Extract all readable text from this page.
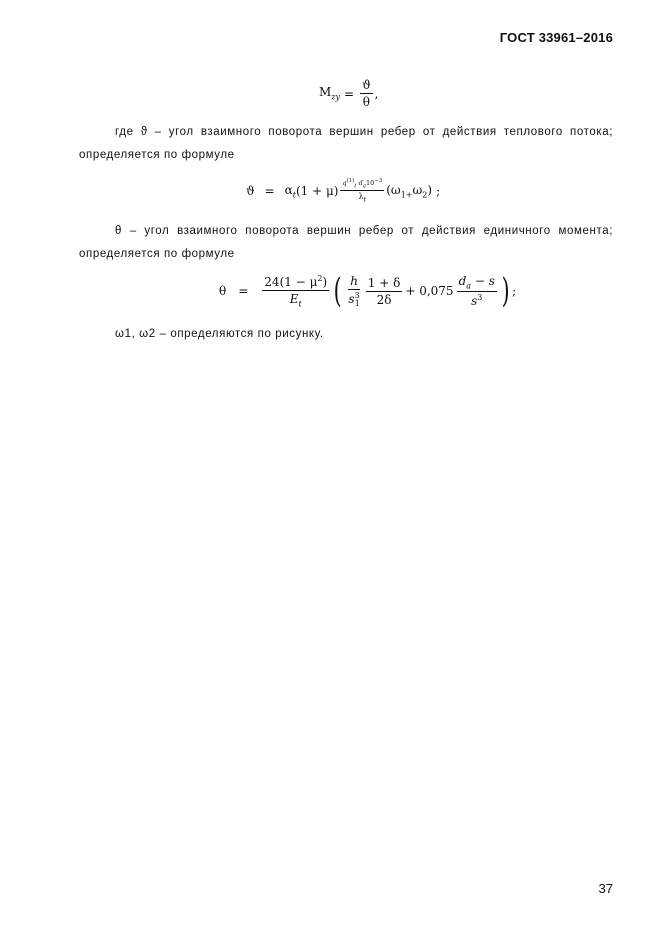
ГОСТ 33961–2016
$M_{zy} = \frac{ϑ}{\theta}$ ,
где ϑ – угол взаимного поворота вершин ребер от действия теплового потока; определяется по формуле
$ϑ = \alpha_t$ $(1 + \mu) \frac{q^{(1)}_t d_a10^{-3}}{\lambda_t} (\omega_{1+}\omega_2)$ ;
θ – угол взаимного поворота вершин ребер от действия единичного момента; определяется по формуле
$\theta = \frac{24(1 - \mu^2)}{E_t}$ ( $\frac{h}{s^3_1} \frac{1 + \delta}{2\delta} + 0,075 \frac{d_a - s}{s^3}$ ) ;
ω1, ω2 – определяются по рисунку.
37
